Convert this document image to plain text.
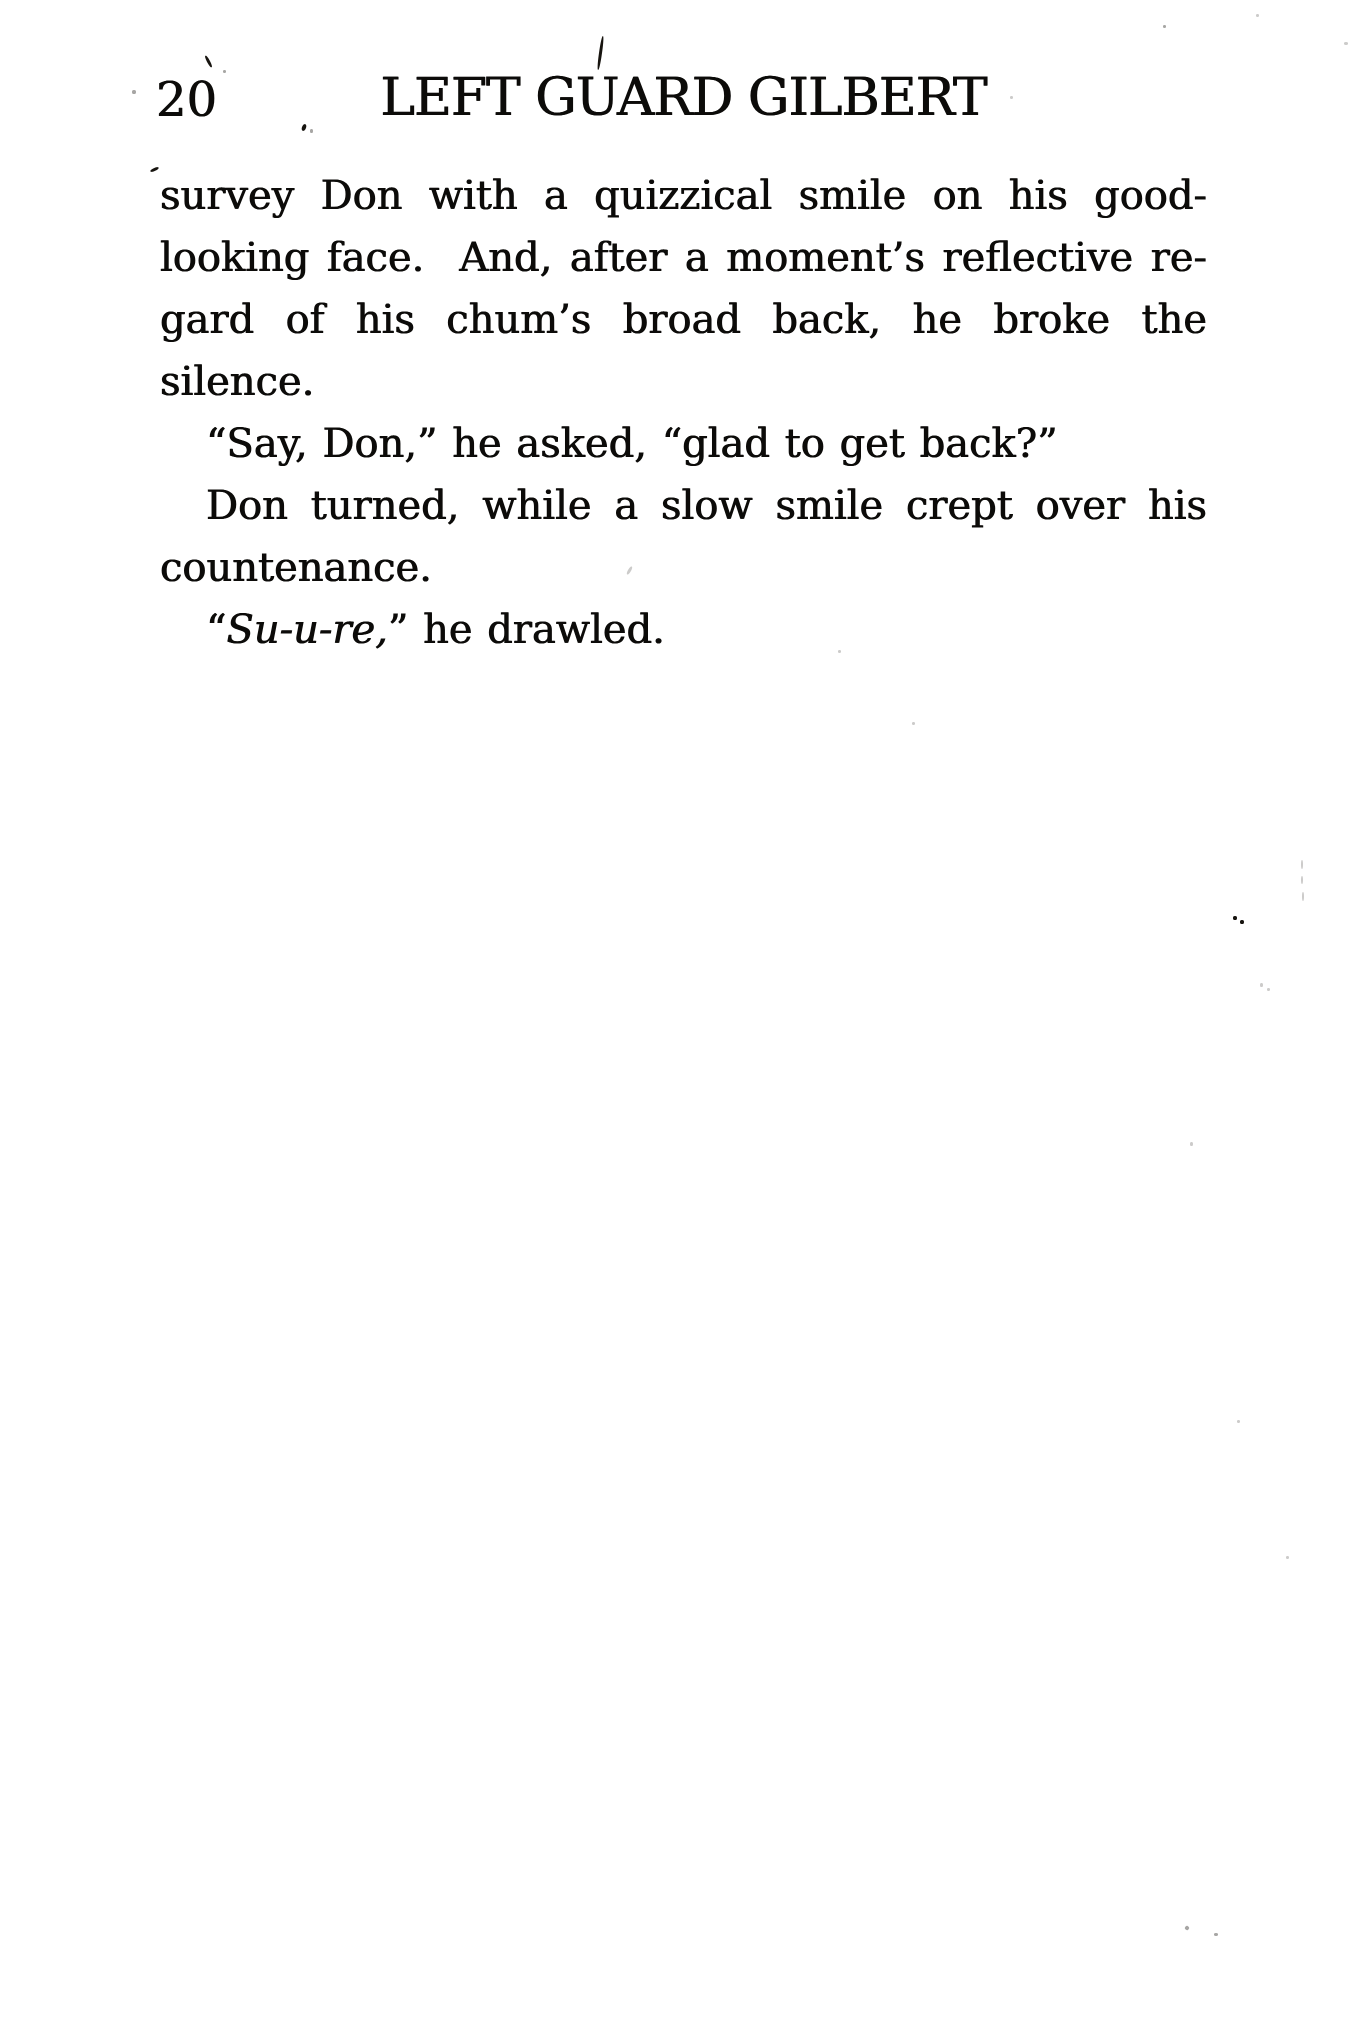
20	LEFT GUARD GILBERT
survey Don with a quizzical smile on his good-
looking face.  And, after a moment’s reflective re-
gard of his chum’s broad back, he broke the
silence.
“Say, Don,” he asked, “glad to get back?”
Don turned, while a slow smile crept over his
countenance.
“Su-u-re,” he drawled.
